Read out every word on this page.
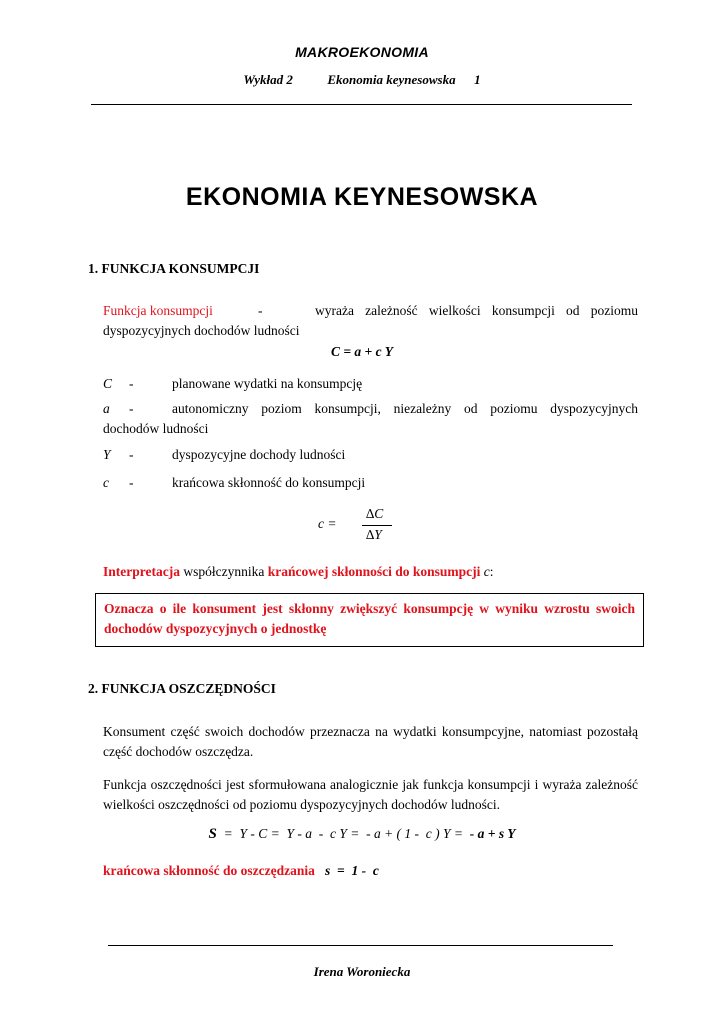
MAKROEKONOMIA
Wykład 2	Ekonomia keynesowska 1
EKONOMIA KEYNESOWSKA
1. FUNKCJA KONSUMPCJI
Funkcja konsumpcji	-	wyraża zależność wielkości konsumpcji od poziomu
dyspozycyjnych dochodów ludności
C = a + c Y
C -	planowane wydatki na konsumpcję
a -	autonomiczny poziom konsumpcji, niezależny od poziomu dyspozycyjnych
dochodów ludności
Y -	dyspozycyjne dochody ludności
c -	krańcowa skłonność do konsumpcji
c =
∆C
∆Y
Interpretacja współczynnika krańcowej skłonności do konsumpcji c:
Oznacza o ile konsument jest skłonny zwiększyć konsumpcję w wyniku wzrostu swoich dochodów dyspozycyjnych o jednostkę
2. FUNKCJA OSZCZĘDNOŚCI
Konsument część swoich dochodów przeznacza na wydatki konsumpcyjne, natomiast pozostałą część dochodów oszczędza.
Funkcja oszczędności jest sformułowana analogicznie jak funkcja konsumpcji i wyraża zależność wielkości oszczędności od poziomu dyspozycyjnych dochodów ludności.
S  =  Y - C =  Y - a  -  c Y =  - a + ( 1 -  c ) Y =  - a + s Y
krańcowa skłonność do oszczędzania s  =  1 -  c
Irena Woroniecka
